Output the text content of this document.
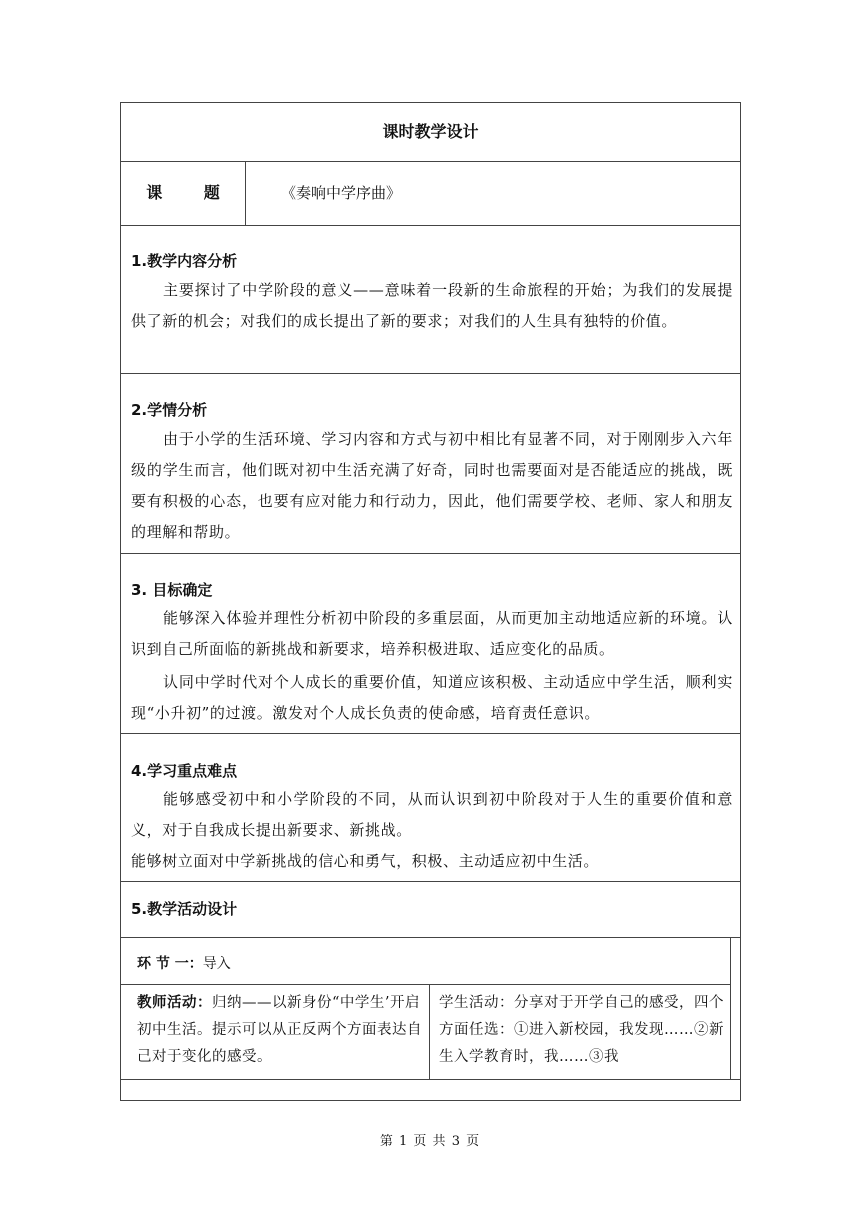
课时教学设计
课 题	《奏响中学序曲》
1.教学内容分析
主要探讨了中学阶段的意义——意味着一段新的生命旅程的开始；为我们的发展提供了新的机会；对我们的成长提出了新的要求；对我们的人生具有独特的价值。
2.学情分析
由于小学的生活环境、学习内容和方式与初中相比有显著不同，对于刚刚步入六年级的学生而言，他们既对初中生活充满了好奇，同时也需要面对是否能适应的挑战，既要有积极的心态，也要有应对能力和行动力，因此，他们需要学校、老师、家人和朋友的理解和帮助。
3. 目标确定
能够深入体验并理性分析初中阶段的多重层面，从而更加主动地适应新的环境。认识到自己所面临的新挑战和新要求，培养积极进取、适应变化的品质。
认同中学时代对个人成长的重要价值，知道应该积极、主动适应中学生活，顺利实现“小升初”的过渡。激发对个人成长负责的使命感，培育责任意识。
4.学习重点难点
能够感受初中和小学阶段的不同，从而认识到初中阶段对于人生的重要价值和意义，对于自我成长提出新要求、新挑战。
能够树立面对中学新挑战的信心和勇气，积极、主动适应初中生活。
5.教学活动设计
环 节 一：导入
教师活动：归纳——以新身份“中学生’开启初中生活。提示可以从正反两个方面表达自己对于变化的感受。
学生活动：分享对于开学自己的感受，四个方面任选：①进入新校园，我发现……②新生入学教育时，我……③我
第 1 页 共 3 页
